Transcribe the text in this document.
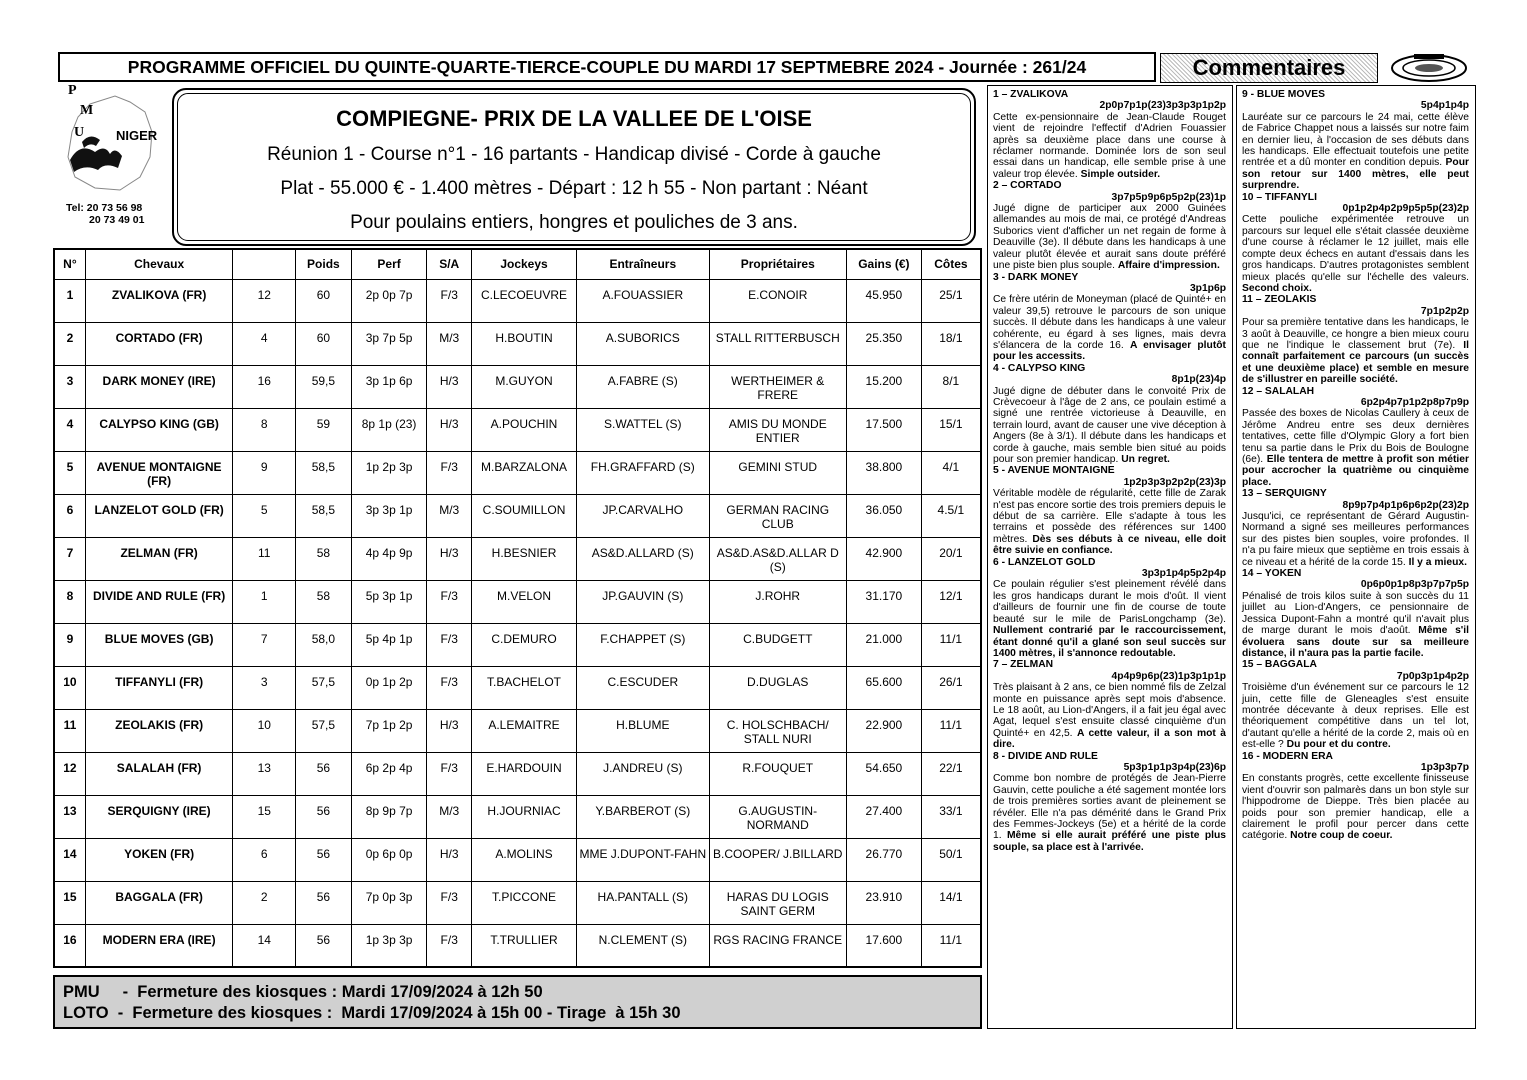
PROGRAMME OFFICIEL DU QUINTE-QUARTE-TIERCE-COUPLE DU MARDI 17 SEPTMEBRE 2024 - Journée : 261/24	Commentaires
P
M
U NIGER
Tel: 20 73 56 98
20 73 49 01
COMPIEGNE- PRIX DE LA VALLEE DE L'OISE
Réunion 1 - Course n°1 - 16 partants - Handicap divisé - Corde à gauche
Plat - 55.000 € - 1.400 mètres - Départ : 12 h 55 - Non partant : Néant
Pour poulains entiers, hongres et pouliches de 3 ans.
N°	Chevaux		Poids	Perf	S/A	Jockeys	Entraîneurs	Propriétaires	Gains (€)	Côtes
1	ZVALIKOVA (FR)	12	60	2p 0p 7p	F/3	C.LECOEUVRE	A.FOUASSIER	E.CONOIR	45.950	25/1
2	CORTADO (FR)	4	60	3p 7p 5p	M/3	H.BOUTIN	A.SUBORICS	STALL RITTERBUSCH	25.350	18/1
3	DARK MONEY (IRE)	16	59,5	3p 1p 6p	H/3	M.GUYON	A.FABRE (S)	WERTHEIMER & FRERE	15.200	8/1
4	CALYPSO KING (GB)	8	59	8p 1p (23)	H/3	A.POUCHIN	S.WATTEL (S)	AMIS DU MONDE ENTIER	17.500	15/1
5	AVENUE MONTAIGNE (FR)	9	58,5	1p 2p 3p	F/3	M.BARZALONA	FH.GRAFFARD (S)	GEMINI STUD	38.800	4/1
6	LANZELOT GOLD (FR)	5	58,5	3p 3p 1p	M/3	C.SOUMILLON	JP.CARVALHO	GERMAN RACING CLUB	36.050	4.5/1
7	ZELMAN (FR)	11	58	4p 4p 9p	H/3	H.BESNIER	AS&D.ALLARD (S)	AS&D.AS&D.ALLAR D (S)	42.900	20/1
8	DIVIDE AND RULE (FR)	1	58	5p 3p 1p	F/3	M.VELON	JP.GAUVIN (S)	J.ROHR	31.170	12/1
9	BLUE MOVES (GB)	7	58,0	5p 4p 1p	F/3	C.DEMURO	F.CHAPPET (S)	C.BUDGETT	21.000	11/1
10	TIFFANYLI (FR)	3	57,5	0p 1p 2p	F/3	T.BACHELOT	C.ESCUDER	D.DUGLAS	65.600	26/1
11	ZEOLAKIS (FR)	10	57,5	7p 1p 2p	H/3	A.LEMAITRE	H.BLUME	C. HOLSCHBACH/ STALL NURI	22.900	11/1
12	SALALAH (FR)	13	56	6p 2p 4p	F/3	E.HARDOUIN	J.ANDREU (S)	R.FOUQUET	54.650	22/1
13	SERQUIGNY (IRE)	15	56	8p 9p 7p	M/3	H.JOURNIAC	Y.BARBEROT (S)	G.AUGUSTIN-NORMAND	27.400	33/1
14	YOKEN (FR)	6	56	0p 6p 0p	H/3	A.MOLINS	MME J.DUPONT-FAHN	B.COOPER/ J.BILLARD	26.770	50/1
15	BAGGALA (FR)	2	56	7p 0p 3p	F/3	T.PICCONE	HA.PANTALL (S)	HARAS DU LOGIS SAINT GERM	23.910	14/1
16	MODERN ERA (IRE)	14	56	1p 3p 3p	F/3	T.TRULLIER	N.CLEMENT (S)	RGS RACING FRANCE	17.600	11/1
PMU     -  Fermeture des kiosques : Mardi 17/09/2024 à 12h 50
LOTO  -  Fermeture des kiosques :  Mardi 17/09/2024 à 15h 00 - Tirage  à 15h 30
1 – ZVALIKOVA
2p0p7p1p(23)3p3p3p1p2p
Cette ex-pensionnaire de Jean-Claude Rouget vient de rejoindre l'effectif d'Adrien Fouassier après sa deuxième place dans une course à réclamer normande. Dominée lors de son seul essai dans un handicap, elle semble prise à une valeur trop élevée. Simple outsider.
2 – CORTADO
3p7p5p9p6p5p2p(23)1p
Jugé digne de participer aux 2000 Guinées allemandes au mois de mai, ce protégé d'Andreas Suborics vient d'afficher un net regain de forme à Deauville (3e). Il débute dans les handicaps à une valeur plutôt élevée et aurait sans doute préféré une piste bien plus souple. Affaire d'impression.
3 - DARK MONEY
3p1p6p
Ce frère utérin de Moneyman (placé de Quinté+ en valeur 39,5) retrouve le parcours de son unique succès. Il débute dans les handicaps à une valeur cohérente, eu égard à ses lignes, mais devra s'élancera de la corde 16. A envisager plutôt pour les accessits.
4 - CALYPSO KING
8p1p(23)4p
Jugé digne de débuter dans le convoité Prix de Crèvecoeur à l'âge de 2 ans, ce poulain estimé a signé une rentrée victorieuse à Deauville, en terrain lourd, avant de causer une vive déception à Angers (8e à 3/1). Il débute dans les handicaps et corde à gauche, mais semble bien situé au poids pour son premier handicap. Un regret.
5 - AVENUE MONTAIGNE
1p2p3p3p2p2p(23)3p
Véritable modèle de régularité, cette fille de Zarak n'est pas encore sortie des trois premiers depuis le début de sa carrière. Elle s'adapte à tous les terrains et possède des références sur 1400 mètres. Dès ses débuts à ce niveau, elle doit être suivie en confiance.
6 - LANZELOT GOLD
3p3p1p4p5p2p4p
Ce poulain régulier s'est pleinement révélé dans les gros handicaps durant le mois d'oût. Il vient d'ailleurs de fournir une fin de course de toute beauté sur le mile de ParisLongchamp (3e). Nullement contrarié par le raccourcissement, étant donné qu'il a glané son seul succès sur 1400 mètres, il s'annonce redoutable.
7 – ZELMAN
4p4p9p6p(23)1p3p1p1p
Très plaisant à 2 ans, ce bien nommé fils de Zelzal monte en puissance après sept mois d'absence. Le 18 août, au Lion-d'Angers, il a fait jeu égal avec Agat, lequel s'est ensuite classé cinquième d'un Quinté+ en 42,5. A cette valeur, il a son mot à dire.
8 - DIVIDE AND RULE
5p3p1p1p3p4p(23)6p
Comme bon nombre de protégés de Jean-Pierre Gauvin, cette pouliche a été sagement montée lors de trois premières sorties avant de pleinement se révéler. Elle n'a pas démérité dans le Grand Prix des Femmes-Jockeys (5e) et a hérité de la corde 1. Même si elle aurait préféré une piste plus souple, sa place est à l'arrivée.
9 - BLUE MOVES
5p4p1p4p
Lauréate sur ce parcours le 24 mai, cette élève de Fabrice Chappet nous a laissés sur notre faim en dernier lieu, à l'occasion de ses débuts dans les handicaps. Elle effectuait toutefois une petite rentrée et a dû monter en condition depuis. Pour son retour sur 1400 mètres, elle peut surprendre.
10 – TIFFANYLI
0p1p2p4p2p9p5p5p(23)2p
Cette pouliche expérimentée retrouve un parcours sur lequel elle s'était classée deuxième d'une course à réclamer le 12 juillet, mais elle compte deux échecs en autant d'essais dans les gros handicaps. D'autres protagonistes semblent mieux placés qu'elle sur l'échelle des valeurs. Second choix.
11 – ZEOLAKIS
7p1p2p2p
Pour sa première tentative dans les handicaps, le 3 août à Deauville, ce hongre a bien mieux couru que ne l'indique le classement brut (7e). Il connaît parfaitement ce parcours (un succès et une deuxième place) et semble en mesure de s'illustrer en pareille société.
12 – SALALAH
6p2p4p7p1p2p8p7p9p
Passée des boxes de Nicolas Caullery à ceux de Jérôme Andreu entre ses deux dernières tentatives, cette fille d'Olympic Glory a fort bien tenu sa partie dans le Prix du Bois de Boulogne (6e). Elle tentera de mettre à profit son métier pour accrocher la quatrième ou cinquième place.
13 – SERQUIGNY
8p9p7p4p1p6p6p2p(23)2p
Jusqu'ici, ce représentant de Gérard Augustin-Normand a signé ses meilleures performances sur des pistes bien souples, voire profondes. Il n'a pu faire mieux que septième en trois essais à ce niveau et a hérité de la corde 15. Il y a mieux.
14 – YOKEN
0p6p0p1p8p3p7p7p5p
Pénalisé de trois kilos suite à son succès du 11 juillet au Lion-d'Angers, ce pensionnaire de Jessica Dupont-Fahn a montré qu'il n'avait plus de marge durant le mois d'août. Même s'il évoluera sans doute sur sa meilleure distance, il n'aura pas la partie facile.
15 – BAGGALA
7p0p3p1p4p2p
Troisième d'un événement sur ce parcours le 12 juin, cette fille de Gleneagles s'est ensuite montrée décevante à deux reprises. Elle est théoriquement compétitive dans un tel lot, d'autant qu'elle a hérité de la corde 2, mais où en est-elle ? Du pour et du contre.
16 - MODERN ERA
1p3p3p7p
En constants progrès, cette excellente finisseuse vient d'ouvrir son palmarès dans un bon style sur l'hippodrome de Dieppe. Très bien placée au poids pour son premier handicap, elle a clairement le profil pour percer dans cette catégorie. Notre coup de coeur.
